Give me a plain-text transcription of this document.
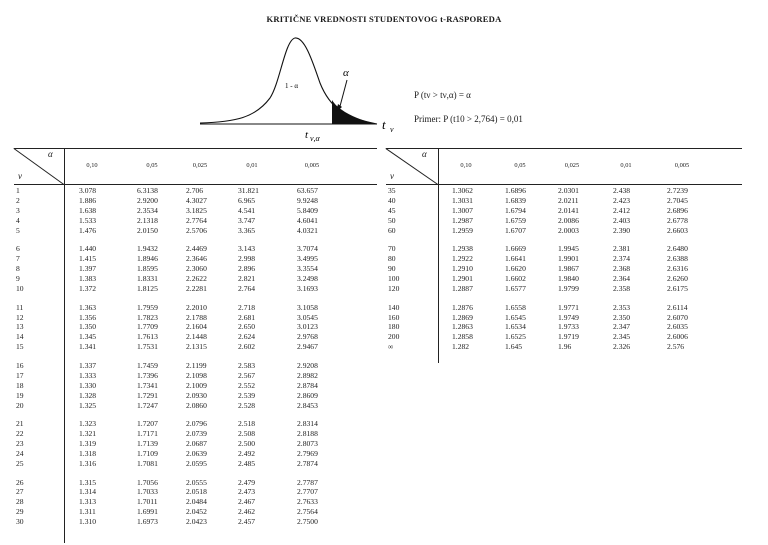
KRITIČNE VREDNOSTI STUDENTOVOG t-RASPOREDA
1 - α
α
t ν
t ν,α
P (tν > tν,α) = α
Primer: P (t10 > 2,764) = 0,01
α
ν
0,10	0,05	0,025	0,01	0,005
1	3.078	6.3138	2.706	31.821	63.657
2	1.886	2.9200	4.3027	6.965	9.9248
3	1.638	2.3534	3.1825	4.541	5.8409
4	1.533	2.1318	2.7764	3.747	4.6041
5	1.476	2.0150	2.5706	3.365	4.0321
6	1.440	1.9432	2.4469	3.143	3.7074
7	1.415	1.8946	2.3646	2.998	3.4995
8	1.397	1.8595	2.3060	2.896	3.3554
9	1.383	1.8331	2.2622	2.821	3.2498
10	1.372	1.8125	2.2281	2.764	3.1693
11	1.363	1.7959	2.2010	2.718	3.1058
12	1.356	1.7823	2.1788	2.681	3.0545
13	1.350	1.7709	2.1604	2.650	3.0123
14	1.345	1.7613	2.1448	2.624	2.9768
15	1.341	1.7531	2.1315	2.602	2.9467
16	1.337	1.7459	2.1199	2.583	2.9208
17	1.333	1.7396	2.1098	2.567	2.8982
18	1.330	1.7341	2.1009	2.552	2.8784
19	1.328	1.7291	2.0930	2.539	2.8609
20	1.325	1.7247	2.0860	2.528	2.8453
21	1.323	1.7207	2.0796	2.518	2.8314
22	1.321	1.7171	2.0739	2.508	2.8188
23	1.319	1.7139	2.0687	2.500	2.8073
24	1.318	1.7109	2.0639	2.492	2.7969
25	1.316	1.7081	2.0595	2.485	2.7874
26	1.315	1.7056	2.0555	2.479	2.7787
27	1.314	1.7033	2.0518	2.473	2.7707
28	1.313	1.7011	2.0484	2.467	2.7633
29	1.311	1.6991	2.0452	2.462	2.7564
30	1.310	1.6973	2.0423	2.457	2.7500
α
ν
0,10	0,05	0,025	0,01	0,005
35	1.3062	1.6896	2.0301	2.438	2.7239
40	1.3031	1.6839	2.0211	2.423	2.7045
45	1.3007	1.6794	2.0141	2.412	2.6896
50	1.2987	1.6759	2.0086	2.403	2.6778
60	1.2959	1.6707	2.0003	2.390	2.6603
70	1.2938	1.6669	1.9945	2.381	2.6480
80	1.2922	1.6641	1.9901	2.374	2.6388
90	1.2910	1.6620	1.9867	2.368	2.6316
100	1.2901	1.6602	1.9840	2.364	2.6260
120	1.2887	1.6577	1.9799	2.358	2.6175
140	1.2876	1.6558	1.9771	2.353	2.6114
160	1.2869	1.6545	1.9749	2.350	2.6070
180	1.2863	1.6534	1.9733	2.347	2.6035
200	1.2858	1.6525	1.9719	2.345	2.6006
∞	1.282	1.645	1.96	2.326	2.576
